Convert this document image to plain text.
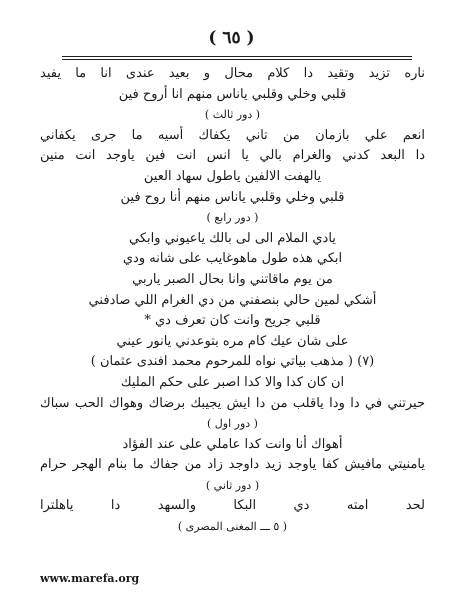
( ٦٥ )
ناره تزيد وتقيد دا كلام محال و بعيد عندى انا ما يفيد
قلبي وخلي وقلبي ياناس منهم انا أروح فين
( دور ثالث )
انعم علي بازمان من تاني يكفاك أسيه ما جرى يكفاني
دا البعد كدني والغرام بالي يا انس انت فين ياوجد انت منين
يالهفت الالفين ياطول سهاد العين
قلبي وخلي وقلبي ياناس منهم أنا روح فين
( دور رابع )
يادي الملام الى لى بالك ياعيوني وابكي
ابكي هذه طول ماهوغايب على شانه ودي
من يوم ماقاتني وانا بحال الصبر ياربي
أشكي لمين حالي بنصفني من دي الغرام اللي صادفني
قلبي جريح وانت كان تعرف دي *
على شان عيك كام مره بتوعدني يانور عيني
(٧) ( مذهب بياتي نواه للمرحوم محمد افندى عثمان )
ان كان كدا والا كدا اصبر على حكم المليك
حيرتني في دا ودا ياقلب من دا ايش يجيبك برضاك وهواك الحب سباك
( دور اول )
أهواك أنا وانت كدا عاملي على عند الفؤاد
يامنيتي مافيش كفا ياوجد زيد داوجد زاد من جفاك ما بنام الهجر حرام
( دور ثاني )
لحد امته دي البكا والسهد دا ياهلترا
( ٥ ـــ المغنى المصرى )
www.marefa.org
